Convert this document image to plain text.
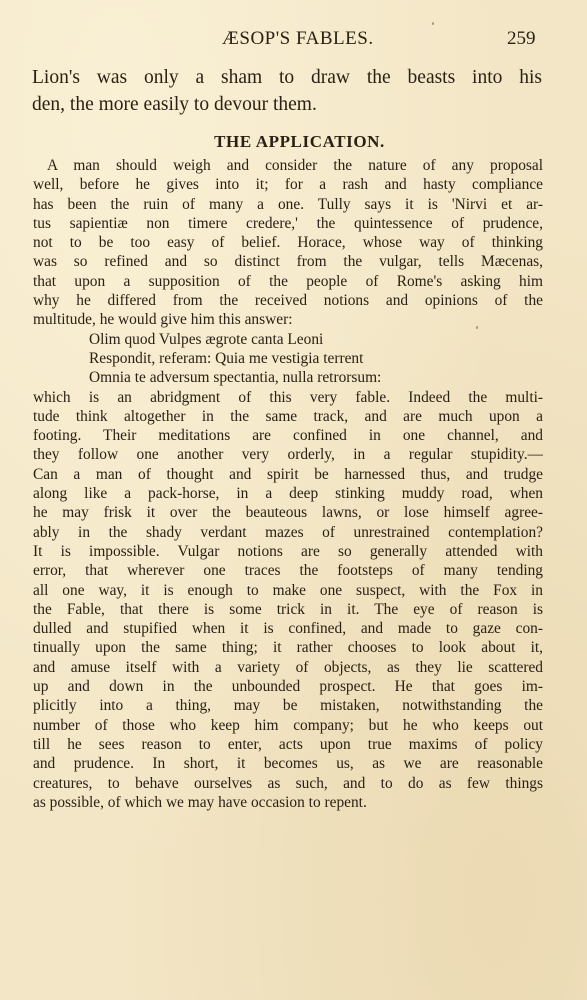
ÆSOP'S FABLES.	259

Lion's was only a sham to draw the beasts into his
den, the more easily to devour them.

THE APPLICATION.
A man should weigh and consider the nature of any proposal
well, before he gives into it; for a rash and hasty compliance
has been the ruin of many a one. Tully says it is 'Nirvi et ar-
tus sapientiæ non timere credere,' the quintessence of prudence,
not to be too easy of belief. Horace, whose way of thinking
was so refined and so distinct from the vulgar, tells Mæcenas,
that upon a supposition of the people of Rome's asking him
why he differed from the received notions and opinions of the
multitude, he would give him this answer:
Olim quod Vulpes ægrote canta Leoni
Respondit, referam: Quia me vestigia terrent
Omnia te adversum spectantia, nulla retrorsum:
which is an abridgment of this very fable. Indeed the multi-
tude think altogether in the same track, and are much upon a
footing. Their meditations are confined in one channel, and
they follow one another very orderly, in a regular stupidity.—
Can a man of thought and spirit be harnessed thus, and trudge
along like a pack-horse, in a deep stinking muddy road, when
he may frisk it over the beauteous lawns, or lose himself agree-
ably in the shady verdant mazes of unrestrained contemplation?
It is impossible. Vulgar notions are so generally attended with
error, that wherever one traces the footsteps of many tending
all one way, it is enough to make one suspect, with the Fox in
the Fable, that there is some trick in it. The eye of reason is
dulled and stupified when it is confined, and made to gaze con-
tinually upon the same thing; it rather chooses to look about it,
and amuse itself with a variety of objects, as they lie scattered
up and down in the unbounded prospect. He that goes im-
plicitly into a thing, may be mistaken, notwithstanding the
number of those who keep him company; but he who keeps out
till he sees reason to enter, acts upon true maxims of policy
and prudence. In short, it becomes us, as we are reasonable
creatures, to behave ourselves as such, and to do as few things
as possible, of which we may have occasion to repent.
